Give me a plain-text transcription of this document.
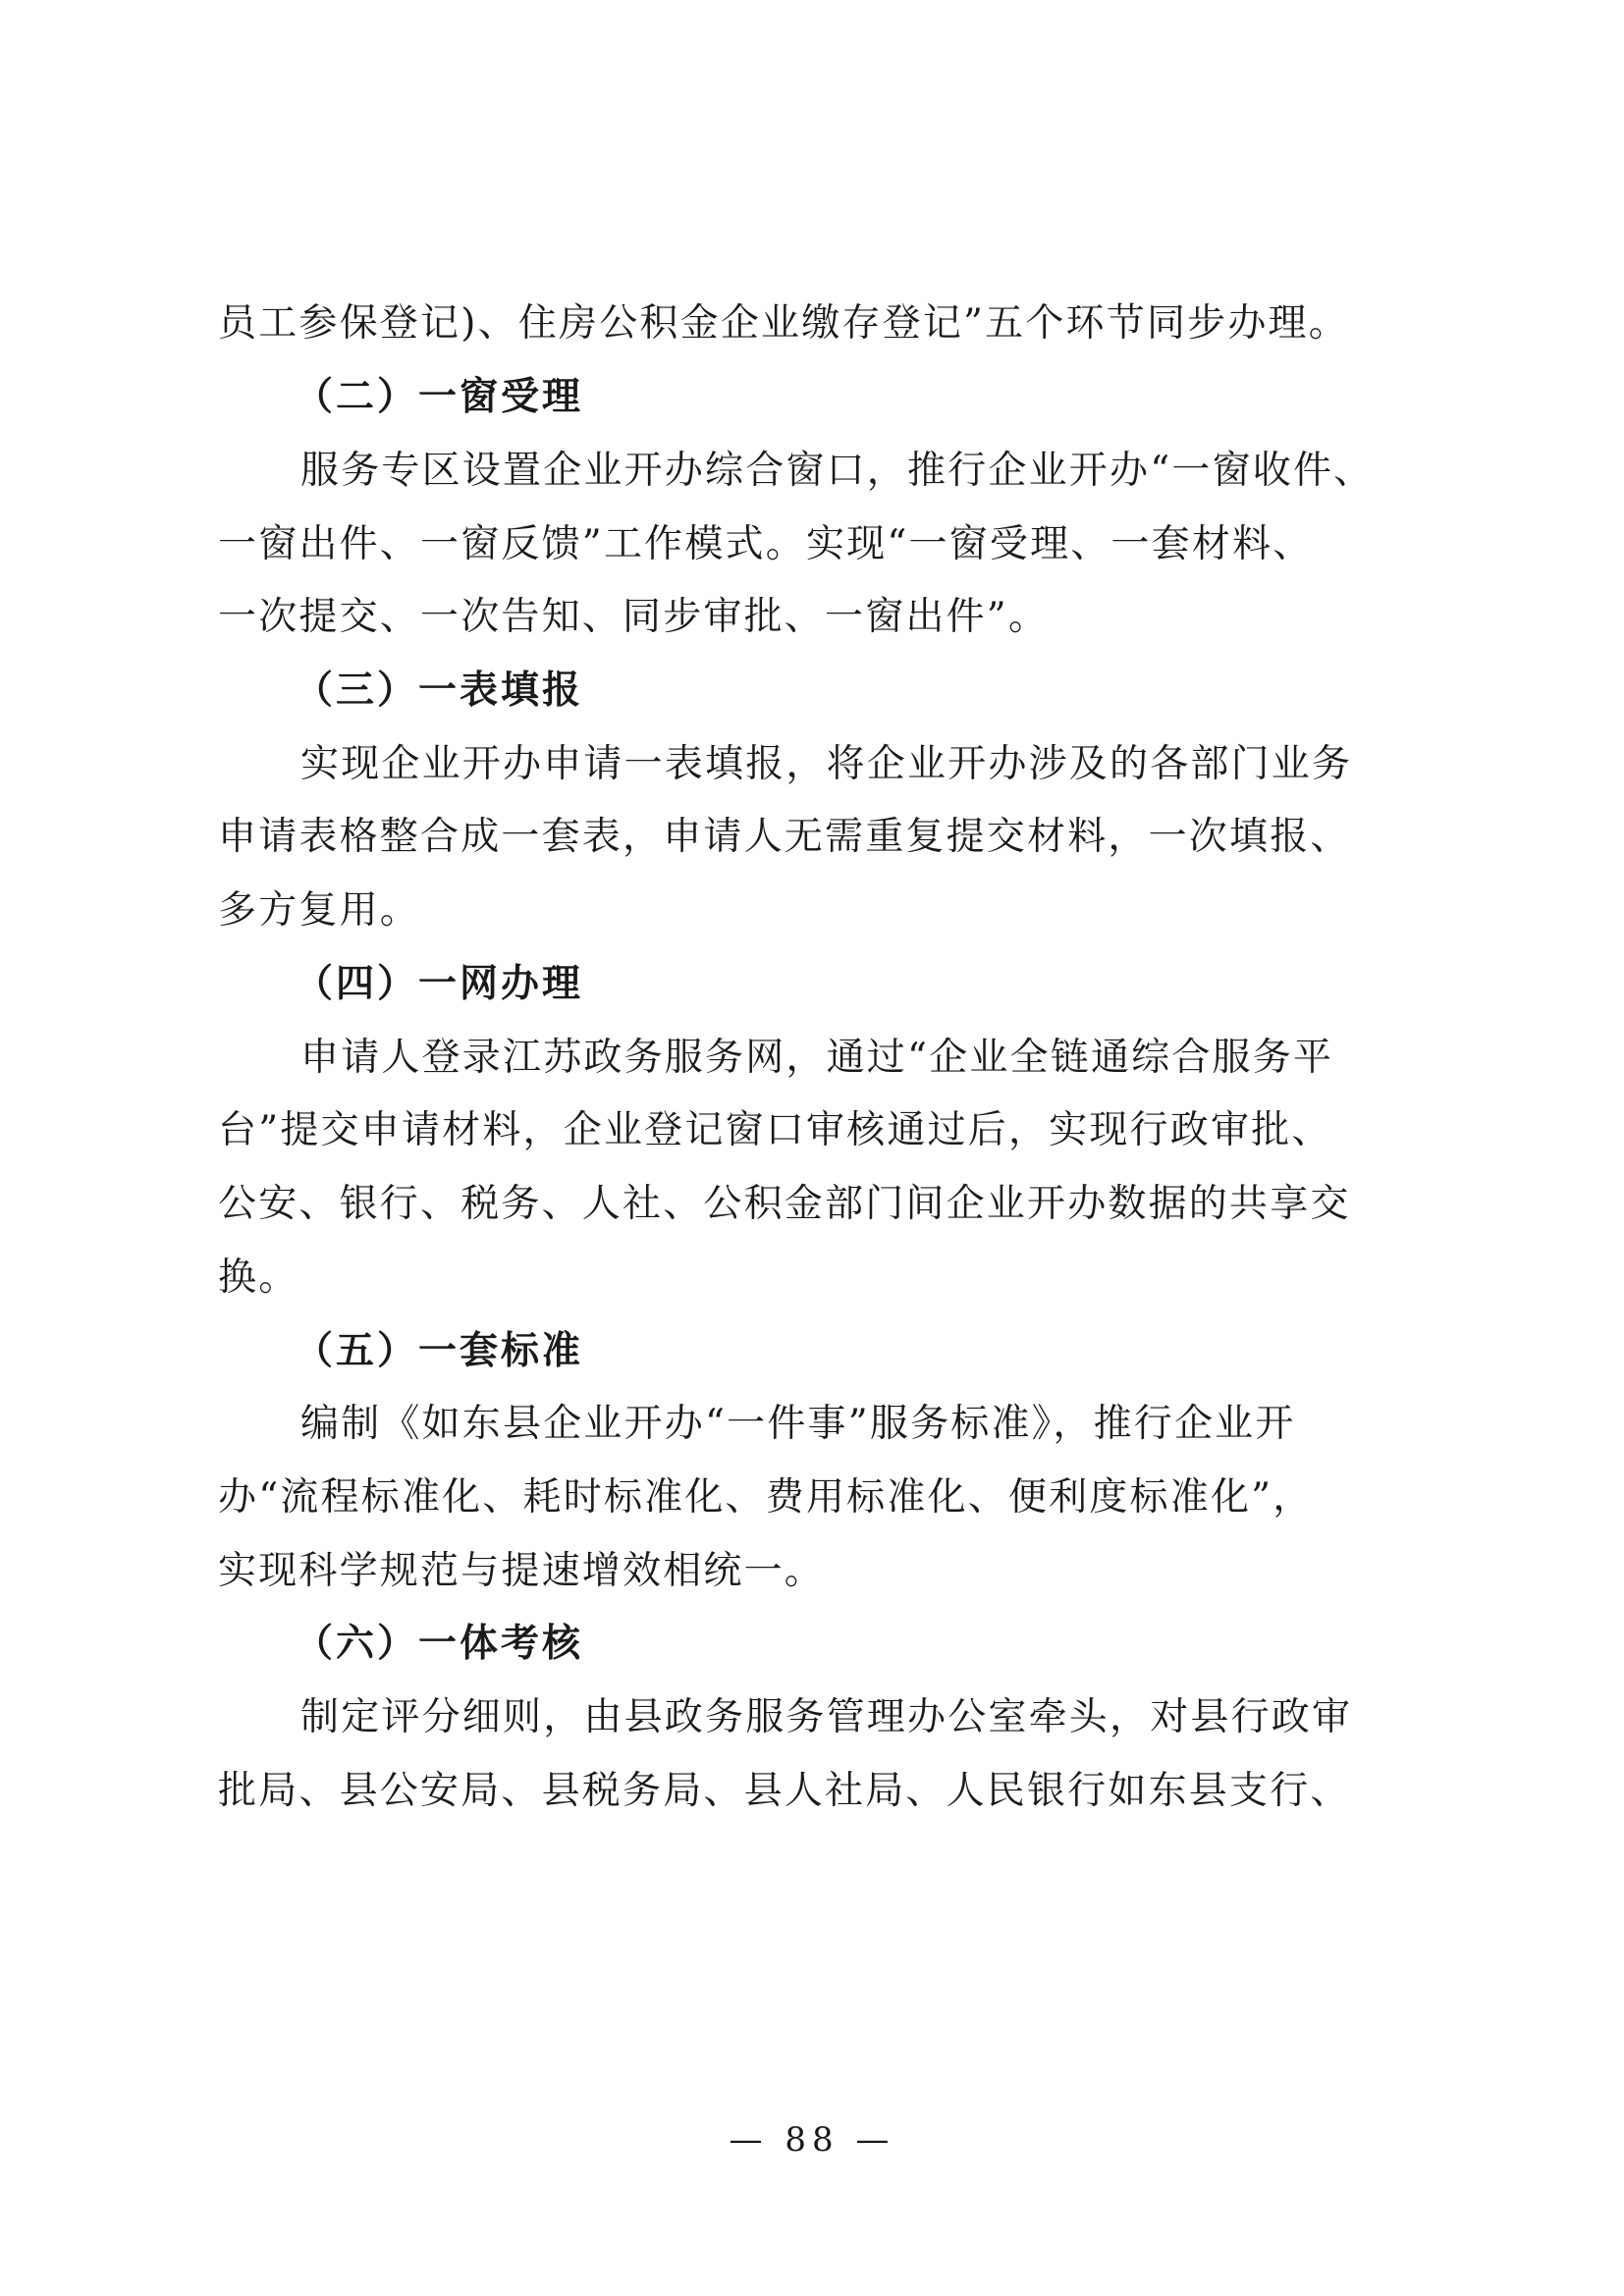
员工参保登记)、住房公积金企业缴存登记”五个环节同步办理。
（二）一窗受理
服务专区设置企业开办综合窗口，推行企业开办“一窗收件、
一窗出件、一窗反馈”工作模式。实现“一窗受理、一套材料、
一次提交、一次告知、同步审批、一窗出件”。
（三）一表填报
实现企业开办申请一表填报，将企业开办涉及的各部门业务
申请表格整合成一套表，申请人无需重复提交材料，一次填报、
多方复用。
（四）一网办理
申请人登录江苏政务服务网，通过“企业全链通综合服务平
台”提交申请材料，企业登记窗口审核通过后，实现行政审批、
公安、银行、税务、人社、公积金部门间企业开办数据的共享交
换。
（五）一套标准
编制《如东县企业开办“一件事”服务标准》，推行企业开
办“流程标准化、耗时标准化、费用标准化、便利度标准化”，
实现科学规范与提速增效相统一。
（六）一体考核
制定评分细则，由县政务服务管理办公室牵头，对县行政审
批局、县公安局、县税务局、县人社局、人民银行如东县支行、
— 88 —
